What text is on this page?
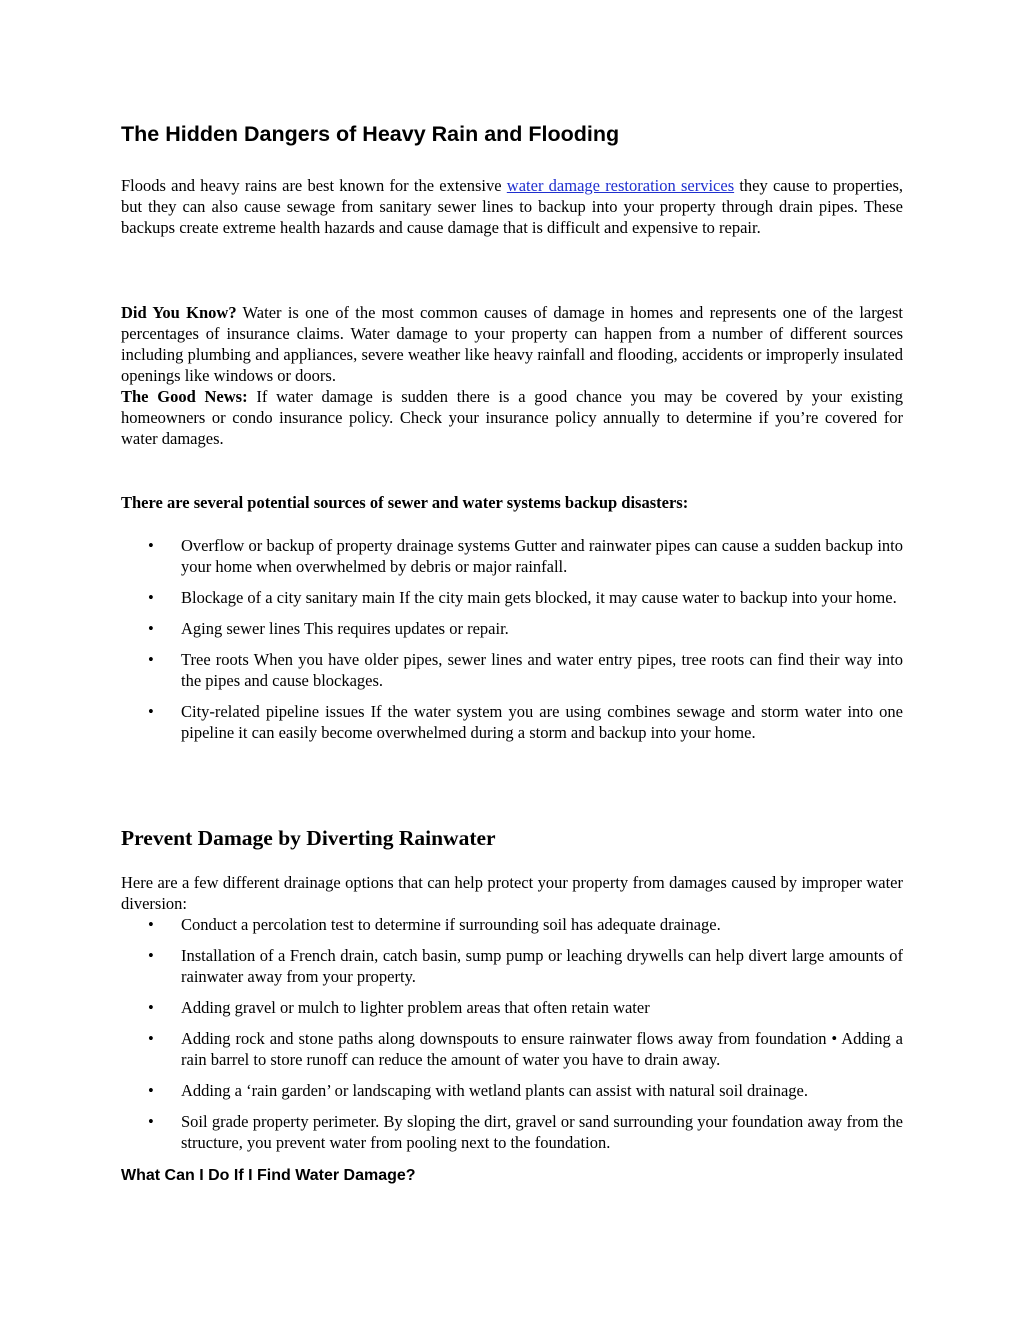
The Hidden Dangers of Heavy Rain and Flooding

Floods and heavy rains are best known for the extensive water damage restoration services they cause to properties, but they can also cause sewage from sanitary sewer lines to backup into your property through drain pipes. These backups create extreme health hazards and cause damage that is difficult and expensive to repair.

Did You Know? Water is one of the most common causes of damage in homes and represents one of the largest percentages of insurance claims. Water damage to your property can happen from a number of different sources including plumbing and appliances, severe weather like heavy rainfall and flooding, accidents or improperly insulated openings like windows or doors.

The Good News: If water damage is sudden there is a good chance you may be covered by your existing homeowners or condo insurance policy. Check your insurance policy annually to determine if you’re covered for water damages.

There are several potential sources of sewer and water systems backup disasters:

• Overflow or backup of property drainage systems Gutter and rainwater pipes can cause a sudden backup into your home when overwhelmed by debris or major rainfall.
• Blockage of a city sanitary main If the city main gets blocked, it may cause water to backup into your home.
• Aging sewer lines This requires updates or repair.
• Tree roots When you have older pipes, sewer lines and water entry pipes, tree roots can find their way into the pipes and cause blockages.
• City-related pipeline issues If the water system you are using combines sewage and storm water into one pipeline it can easily become overwhelmed during a storm and backup into your home.
Prevent Damage by Diverting Rainwater

Here are a few different drainage options that can help protect your property from damages caused by improper water diversion:

• Conduct a percolation test to determine if surrounding soil has adequate drainage.
• Installation of a French drain, catch basin, sump pump or leaching drywells can help divert large amounts of rainwater away from your property.
• Adding gravel or mulch to lighter problem areas that often retain water
• Adding rock and stone paths along downspouts to ensure rainwater flows away from foundation • Adding a rain barrel to store runoff can reduce the amount of water you have to drain away.
• Adding a ‘rain garden’ or landscaping with wetland plants can assist with natural soil drainage.
• Soil grade property perimeter. By sloping the dirt, gravel or sand surrounding your foundation away from the structure, you prevent water from pooling next to the foundation.
What Can I Do If I Find Water Damage?
